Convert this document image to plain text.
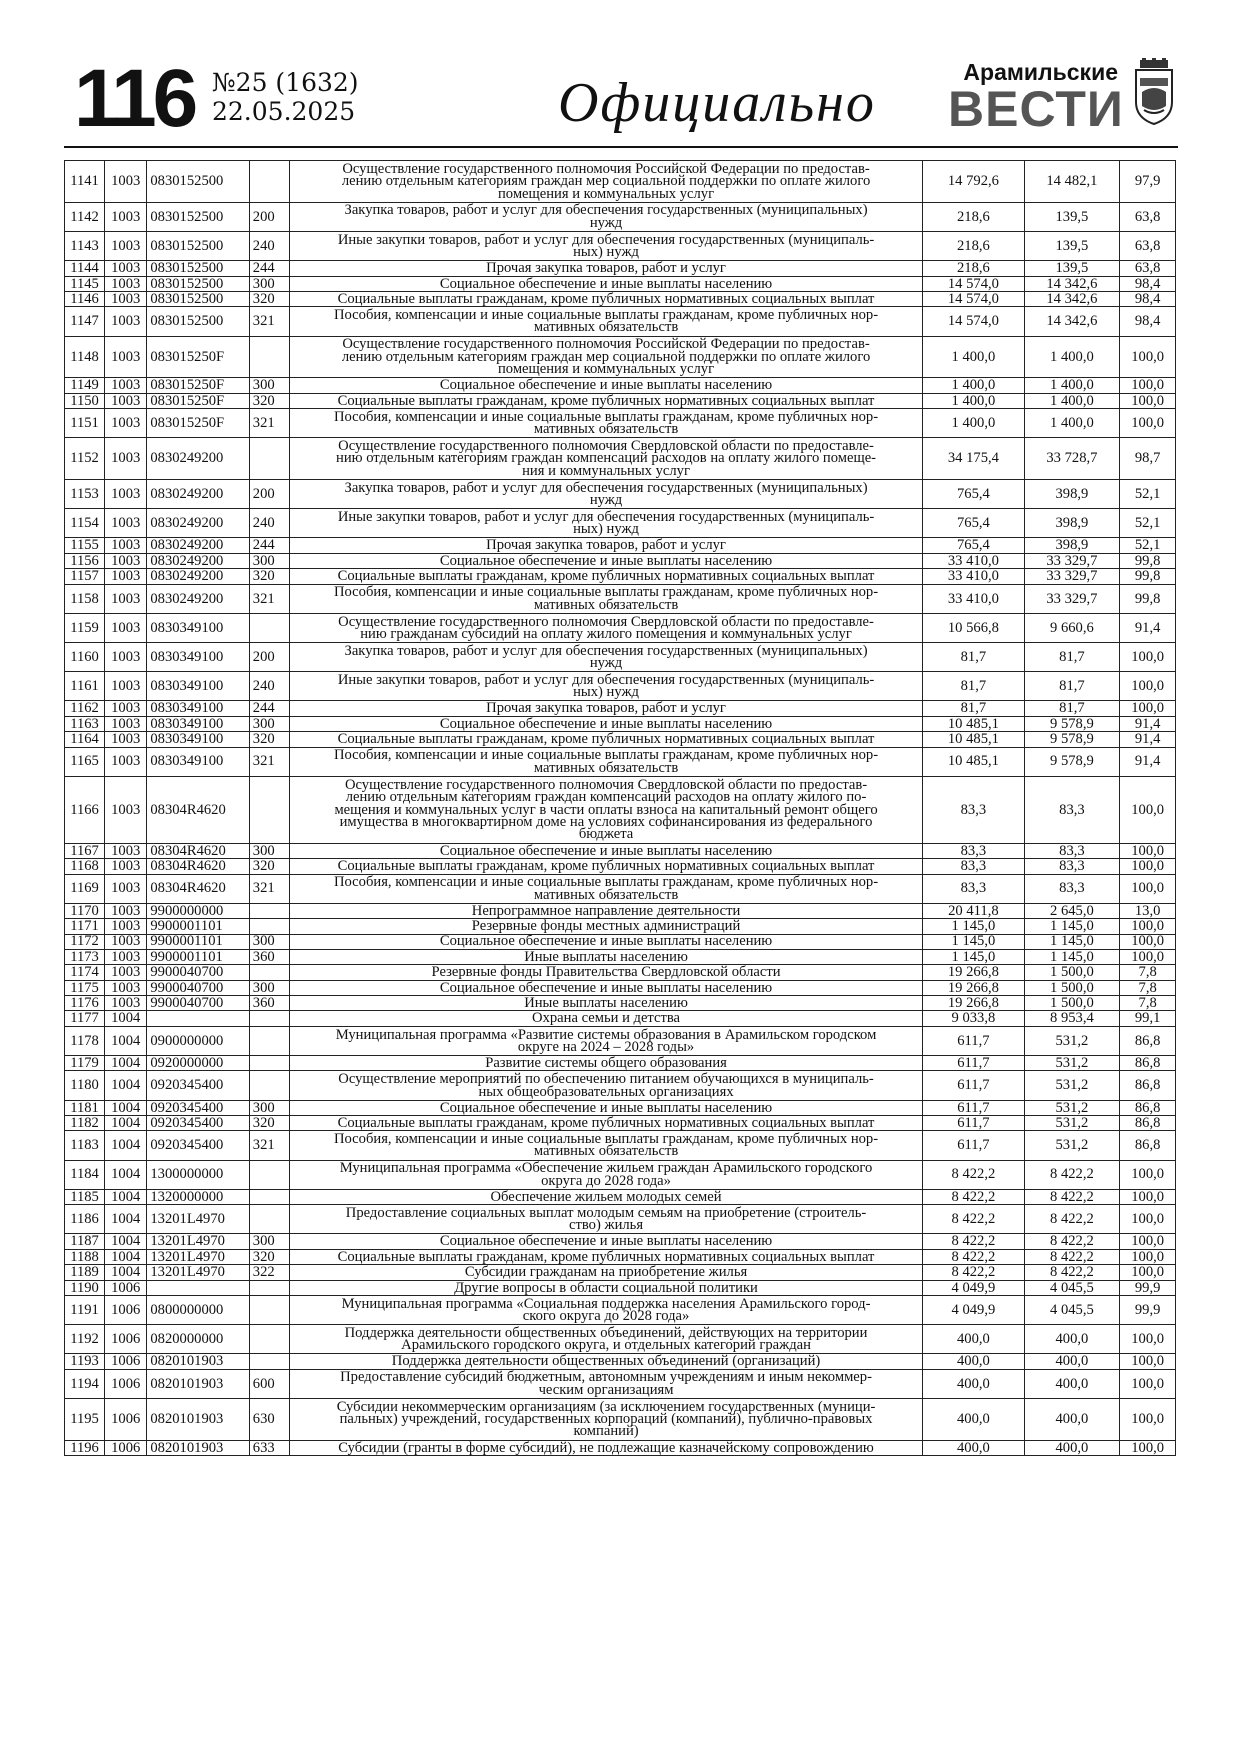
116 №25 (1632)
22.05.2025	Официально	Арамильские
ВЕСТИ
1141	1003	0830152500		Осуществление государственного полномочия Российской Федерации по предостав-
лению отдельным категориям граждан мер социальной поддержки по оплате жилого
помещения и коммунальных услуг	14 792,6	14 482,1	97,9
1142	1003	0830152500	200	Закупка товаров, работ и услуг для обеспечения государственных (муниципальных)
нужд	218,6	139,5	63,8
1143	1003	0830152500	240	Иные закупки товаров, работ и услуг для обеспечения государственных (муниципаль-
ных) нужд	218,6	139,5	63,8
1144	1003	0830152500	244	Прочая закупка товаров, работ и услуг	218,6	139,5	63,8
1145	1003	0830152500	300	Социальное обеспечение и иные выплаты населению	14 574,0	14 342,6	98,4
1146	1003	0830152500	320	Социальные выплаты гражданам, кроме публичных нормативных социальных выплат	14 574,0	14 342,6	98,4
1147	1003	0830152500	321	Пособия, компенсации и иные социальные выплаты гражданам, кроме публичных нор-
мативных обязательств	14 574,0	14 342,6	98,4
1148	1003	083015250F		Осуществление государственного полномочия Российской Федерации по предостав-
лению отдельным категориям граждан мер социальной поддержки по оплате жилого
помещения и коммунальных услуг	1 400,0	1 400,0	100,0
1149	1003	083015250F	300	Социальное обеспечение и иные выплаты населению	1 400,0	1 400,0	100,0
1150	1003	083015250F	320	Социальные выплаты гражданам, кроме публичных нормативных социальных выплат	1 400,0	1 400,0	100,0
1151	1003	083015250F	321	Пособия, компенсации и иные социальные выплаты гражданам, кроме публичных нор-
мативных обязательств	1 400,0	1 400,0	100,0
1152	1003	0830249200		Осуществление государственного полномочия Свердловской области по предоставле-
нию отдельным категориям граждан компенсаций расходов на оплату жилого помеще-
ния и коммунальных услуг	34 175,4	33 728,7	98,7
1153	1003	0830249200	200	Закупка товаров, работ и услуг для обеспечения государственных (муниципальных)
нужд	765,4	398,9	52,1
1154	1003	0830249200	240	Иные закупки товаров, работ и услуг для обеспечения государственных (муниципаль-
ных) нужд	765,4	398,9	52,1
1155	1003	0830249200	244	Прочая закупка товаров, работ и услуг	765,4	398,9	52,1
1156	1003	0830249200	300	Социальное обеспечение и иные выплаты населению	33 410,0	33 329,7	99,8
1157	1003	0830249200	320	Социальные выплаты гражданам, кроме публичных нормативных социальных выплат	33 410,0	33 329,7	99,8
1158	1003	0830249200	321	Пособия, компенсации и иные социальные выплаты гражданам, кроме публичных нор-
мативных обязательств	33 410,0	33 329,7	99,8
1159	1003	0830349100		Осуществление государственного полномочия Свердловской области по предоставле-
нию гражданам субсидий на оплату жилого помещения и коммунальных услуг	10 566,8	9 660,6	91,4
1160	1003	0830349100	200	Закупка товаров, работ и услуг для обеспечения государственных (муниципальных)
нужд	81,7	81,7	100,0
1161	1003	0830349100	240	Иные закупки товаров, работ и услуг для обеспечения государственных (муниципаль-
ных) нужд	81,7	81,7	100,0
1162	1003	0830349100	244	Прочая закупка товаров, работ и услуг	81,7	81,7	100,0
1163	1003	0830349100	300	Социальное обеспечение и иные выплаты населению	10 485,1	9 578,9	91,4
1164	1003	0830349100	320	Социальные выплаты гражданам, кроме публичных нормативных социальных выплат	10 485,1	9 578,9	91,4
1165	1003	0830349100	321	Пособия, компенсации и иные социальные выплаты гражданам, кроме публичных нор-
мативных обязательств	10 485,1	9 578,9	91,4
1166	1003	08304R4620		Осуществление государственного полномочия Свердловской области по предостав-
лению отдельным категориям граждан компенсаций расходов на оплату жилого по-
мещения и коммунальных услуг в части оплаты взноса на капитальный ремонт общего
имущества в многоквартирном доме на условиях софинансирования из федерального
бюджета	83,3	83,3	100,0
1167	1003	08304R4620	300	Социальное обеспечение и иные выплаты населению	83,3	83,3	100,0
1168	1003	08304R4620	320	Социальные выплаты гражданам, кроме публичных нормативных социальных выплат	83,3	83,3	100,0
1169	1003	08304R4620	321	Пособия, компенсации и иные социальные выплаты гражданам, кроме публичных нор-
мативных обязательств	83,3	83,3	100,0
1170	1003	9900000000		Непрограммное направление деятельности	20 411,8	2 645,0	13,0
1171	1003	9900001101		Резервные фонды местных администраций	1 145,0	1 145,0	100,0
1172	1003	9900001101	300	Социальное обеспечение и иные выплаты населению	1 145,0	1 145,0	100,0
1173	1003	9900001101	360	Иные выплаты населению	1 145,0	1 145,0	100,0
1174	1003	9900040700		Резервные фонды Правительства Свердловской области	19 266,8	1 500,0	7,8
1175	1003	9900040700	300	Социальное обеспечение и иные выплаты населению	19 266,8	1 500,0	7,8
1176	1003	9900040700	360	Иные выплаты населению	19 266,8	1 500,0	7,8
1177	1004			Охрана семьи и детства	9 033,8	8 953,4	99,1
1178	1004	0900000000		Муниципальная программа «Развитие системы образования в Арамильском городском
округе на 2024 – 2028 годы»	611,7	531,2	86,8
1179	1004	0920000000		Развитие системы общего образования	611,7	531,2	86,8
1180	1004	0920345400		Осуществление мероприятий по обеспечению питанием обучающихся в муниципаль-
ных общеобразовательных организациях	611,7	531,2	86,8
1181	1004	0920345400	300	Социальное обеспечение и иные выплаты населению	611,7	531,2	86,8
1182	1004	0920345400	320	Социальные выплаты гражданам, кроме публичных нормативных социальных выплат	611,7	531,2	86,8
1183	1004	0920345400	321	Пособия, компенсации и иные социальные выплаты гражданам, кроме публичных нор-
мативных обязательств	611,7	531,2	86,8
1184	1004	1300000000		Муниципальная программа «Обеспечение жильем граждан Арамильского городского
округа до 2028 года»	8 422,2	8 422,2	100,0
1185	1004	1320000000		Обеспечение жильем молодых семей	8 422,2	8 422,2	100,0
1186	1004	13201L4970		Предоставление социальных выплат молодым семьям на приобретение (строитель-
ство) жилья	8 422,2	8 422,2	100,0
1187	1004	13201L4970	300	Социальное обеспечение и иные выплаты населению	8 422,2	8 422,2	100,0
1188	1004	13201L4970	320	Социальные выплаты гражданам, кроме публичных нормативных социальных выплат	8 422,2	8 422,2	100,0
1189	1004	13201L4970	322	Субсидии гражданам на приобретение жилья	8 422,2	8 422,2	100,0
1190	1006			Другие вопросы в области социальной политики	4 049,9	4 045,5	99,9
1191	1006	0800000000		Муниципальная программа «Социальная поддержка населения Арамильского город-
ского округа до 2028 года»	4 049,9	4 045,5	99,9
1192	1006	0820000000		Поддержка деятельности общественных объединений, действующих на территории
Арамильского городского округа, и отдельных категорий граждан	400,0	400,0	100,0
1193	1006	0820101903		Поддержка деятельности общественных объединений (организаций)	400,0	400,0	100,0
1194	1006	0820101903	600	Предоставление субсидий бюджетным, автономным учреждениям и иным некоммер-
ческим организациям	400,0	400,0	100,0
1195	1006	0820101903	630	Субсидии некоммерческим организациям (за исключением государственных (муници-
пальных) учреждений, государственных корпораций (компаний), публично-правовых
компаний)	400,0	400,0	100,0
1196	1006	0820101903	633	Субсидии (гранты в форме субсидий), не подлежащие казначейскому сопровождению	400,0	400,0	100,0
